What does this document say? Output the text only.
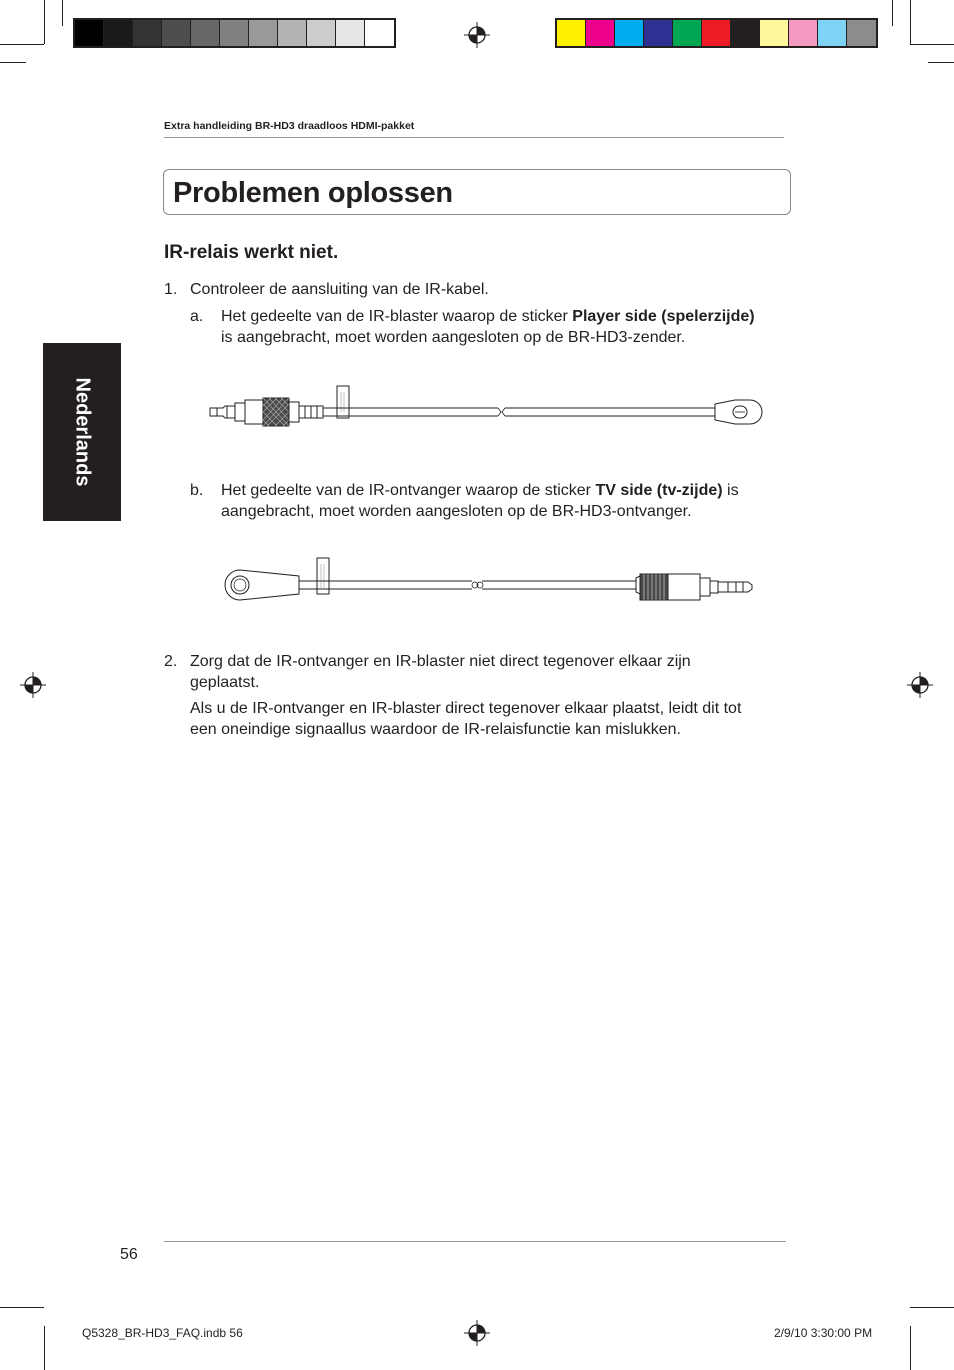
Extra handleiding BR-HD3 draadloos HDMI-pakket
Problemen oplossen
Nederlands
IR-relais werkt niet.
1. Controleer de aansluiting van de IR-kabel.
a. Het gedeelte van de IR-blaster waarop de sticker Player side (spelerzijde)
is aangebracht, moet worden aangesloten op de BR-HD3-zender.
b. Het gedeelte van de IR-ontvanger waarop de sticker TV side (tv-zijde) is
aangebracht, moet worden aangesloten op de BR-HD3-ontvanger.
2. Zorg dat de IR-ontvanger en IR-blaster niet direct tegenover elkaar zijn
geplaatst.
Als u de IR-ontvanger en IR-blaster direct tegenover elkaar plaatst, leidt dit tot
een oneindige signaallus waardoor de IR-relaisfunctie kan mislukken.
56
Q5328_BR-HD3_FAQ.indb 56	2/9/10 3:30:00 PM
